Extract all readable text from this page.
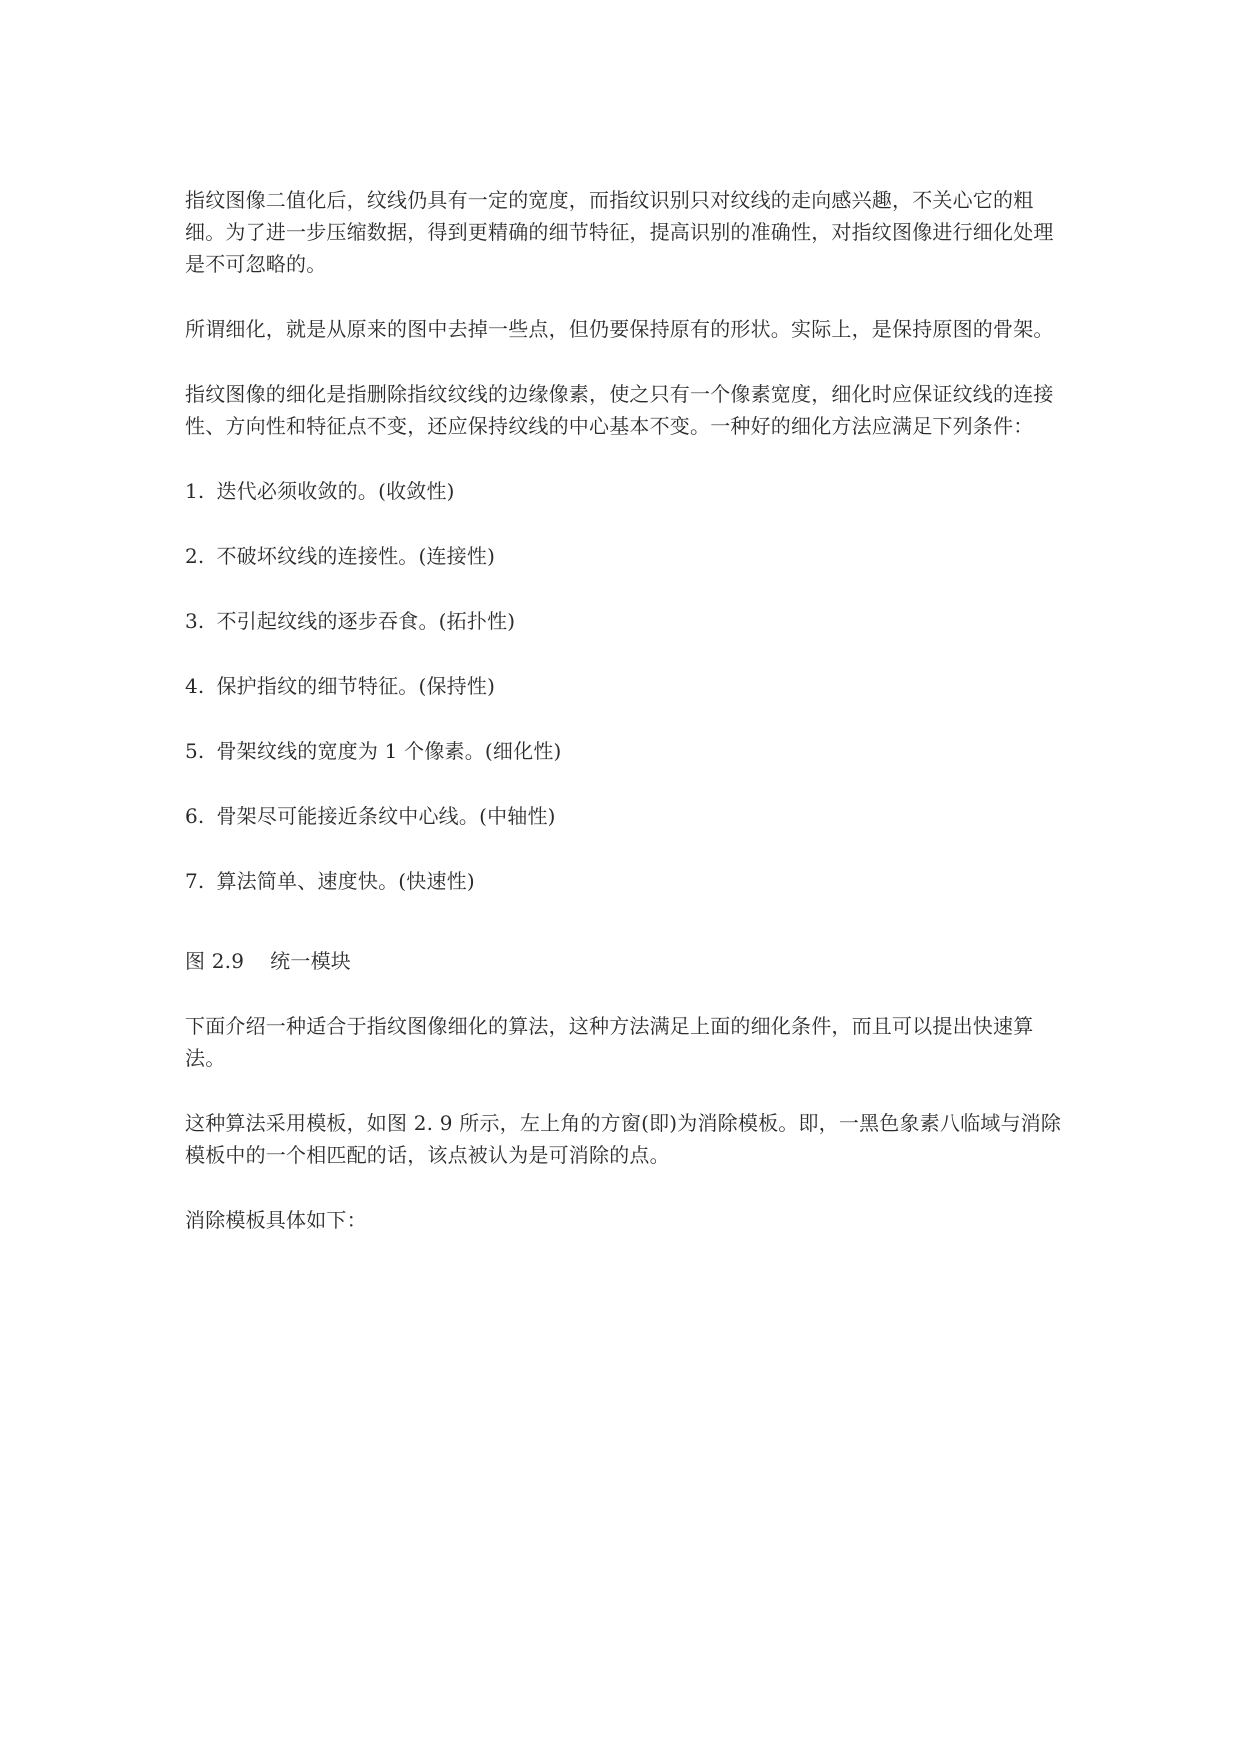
指纹图像二值化后，纹线仍具有一定的宽度，而指纹识别只对纹线的走向感兴趣，不关心它的粗细。为了进一步压缩数据，得到更精确的细节特征，提高识别的准确性，对指纹图像进行细化处理是不可忽略的。

所谓细化，就是从原来的图中去掉一些点，但仍要保持原有的形状。实际上，是保持原图的骨架。

指纹图像的细化是指删除指纹纹线的边缘像素，使之只有一个像素宽度，细化时应保证纹线的连接性、方向性和特征点不变，还应保持纹线的中心基本不变。一种好的细化方法应满足下列条件：

1. 迭代必须收敛的。(收敛性)

2. 不破坏纹线的连接性。(连接性)

3. 不引起纹线的逐步吞食。(拓扑性)

4. 保护指纹的细节特征。(保持性)

5. 骨架纹线的宽度为 1 个像素。(细化性)

6. 骨架尽可能接近条纹中心线。(中轴性)

7. 算法简单、速度快。(快速性)

图 2.9 统一模块

下面介绍一种适合于指纹图像细化的算法，这种方法满足上面的细化条件，而且可以提出快速算法。

这种算法采用模板，如图 2. 9 所示，左上角的方窗(即)为消除模板。即，一黑色象素八临域与消除模板中的一个相匹配的话，该点被认为是可消除的点。

消除模板具体如下：
